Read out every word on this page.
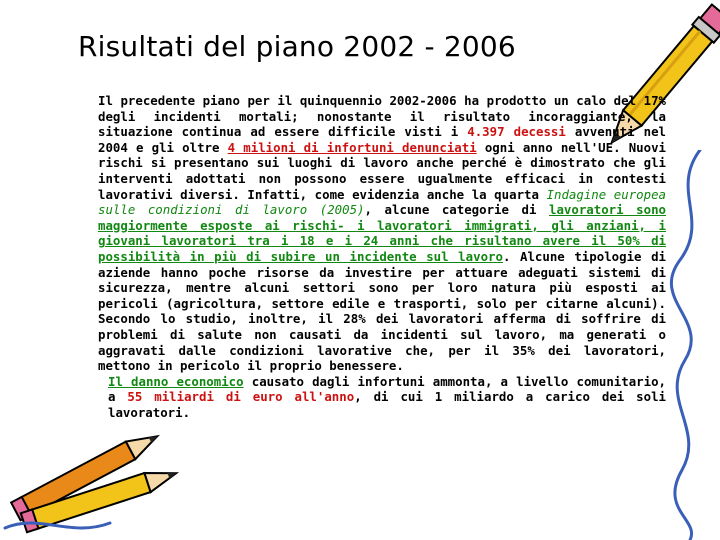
Risultati del piano 2002 - 2006

Il precedente piano per il quinquennio 2002-2006 ha prodotto un calo del 17% degli incidenti mortali; nonostante il risultato incoraggiante, la situazione continua ad essere difficile visti i 4.397 decessi avvenuti nel 2004 e gli oltre 4 milioni di infortuni denunciati ogni anno nell'UE. Nuovi rischi si presentano sui luoghi di lavoro anche perché è dimostrato che gli interventi adottati non possono essere ugualmente efficaci in contesti lavorativi diversi. Infatti, come evidenzia anche la quarta Indagine europea sulle condizioni di lavoro (2005), alcune categorie di lavoratori sono maggiormente esposte ai rischi- i lavoratori immigrati, gli anziani, i giovani lavoratori tra i 18 e i 24 anni che risultano avere il 50% di possibilità in più di subire un incidente sul lavoro. Alcune tipologie di aziende hanno poche risorse da investire per attuare adeguati sistemi di sicurezza, mentre alcuni settori sono per loro natura più esposti ai pericoli (agricoltura, settore edile e trasporti, solo per citarne alcuni). Secondo lo studio, inoltre, il 28% dei lavoratori afferma di soffrire di problemi di salute non causati da incidenti sul lavoro, ma generati o aggravati dalle condizioni lavorative che, per il 35% dei lavoratori, mettono in pericolo il proprio benessere.

Il danno economico causato dagli infortuni ammonta, a livello comunitario, a 55 miliardi di euro all'anno, di cui 1 miliardo a carico dei soli lavoratori.
